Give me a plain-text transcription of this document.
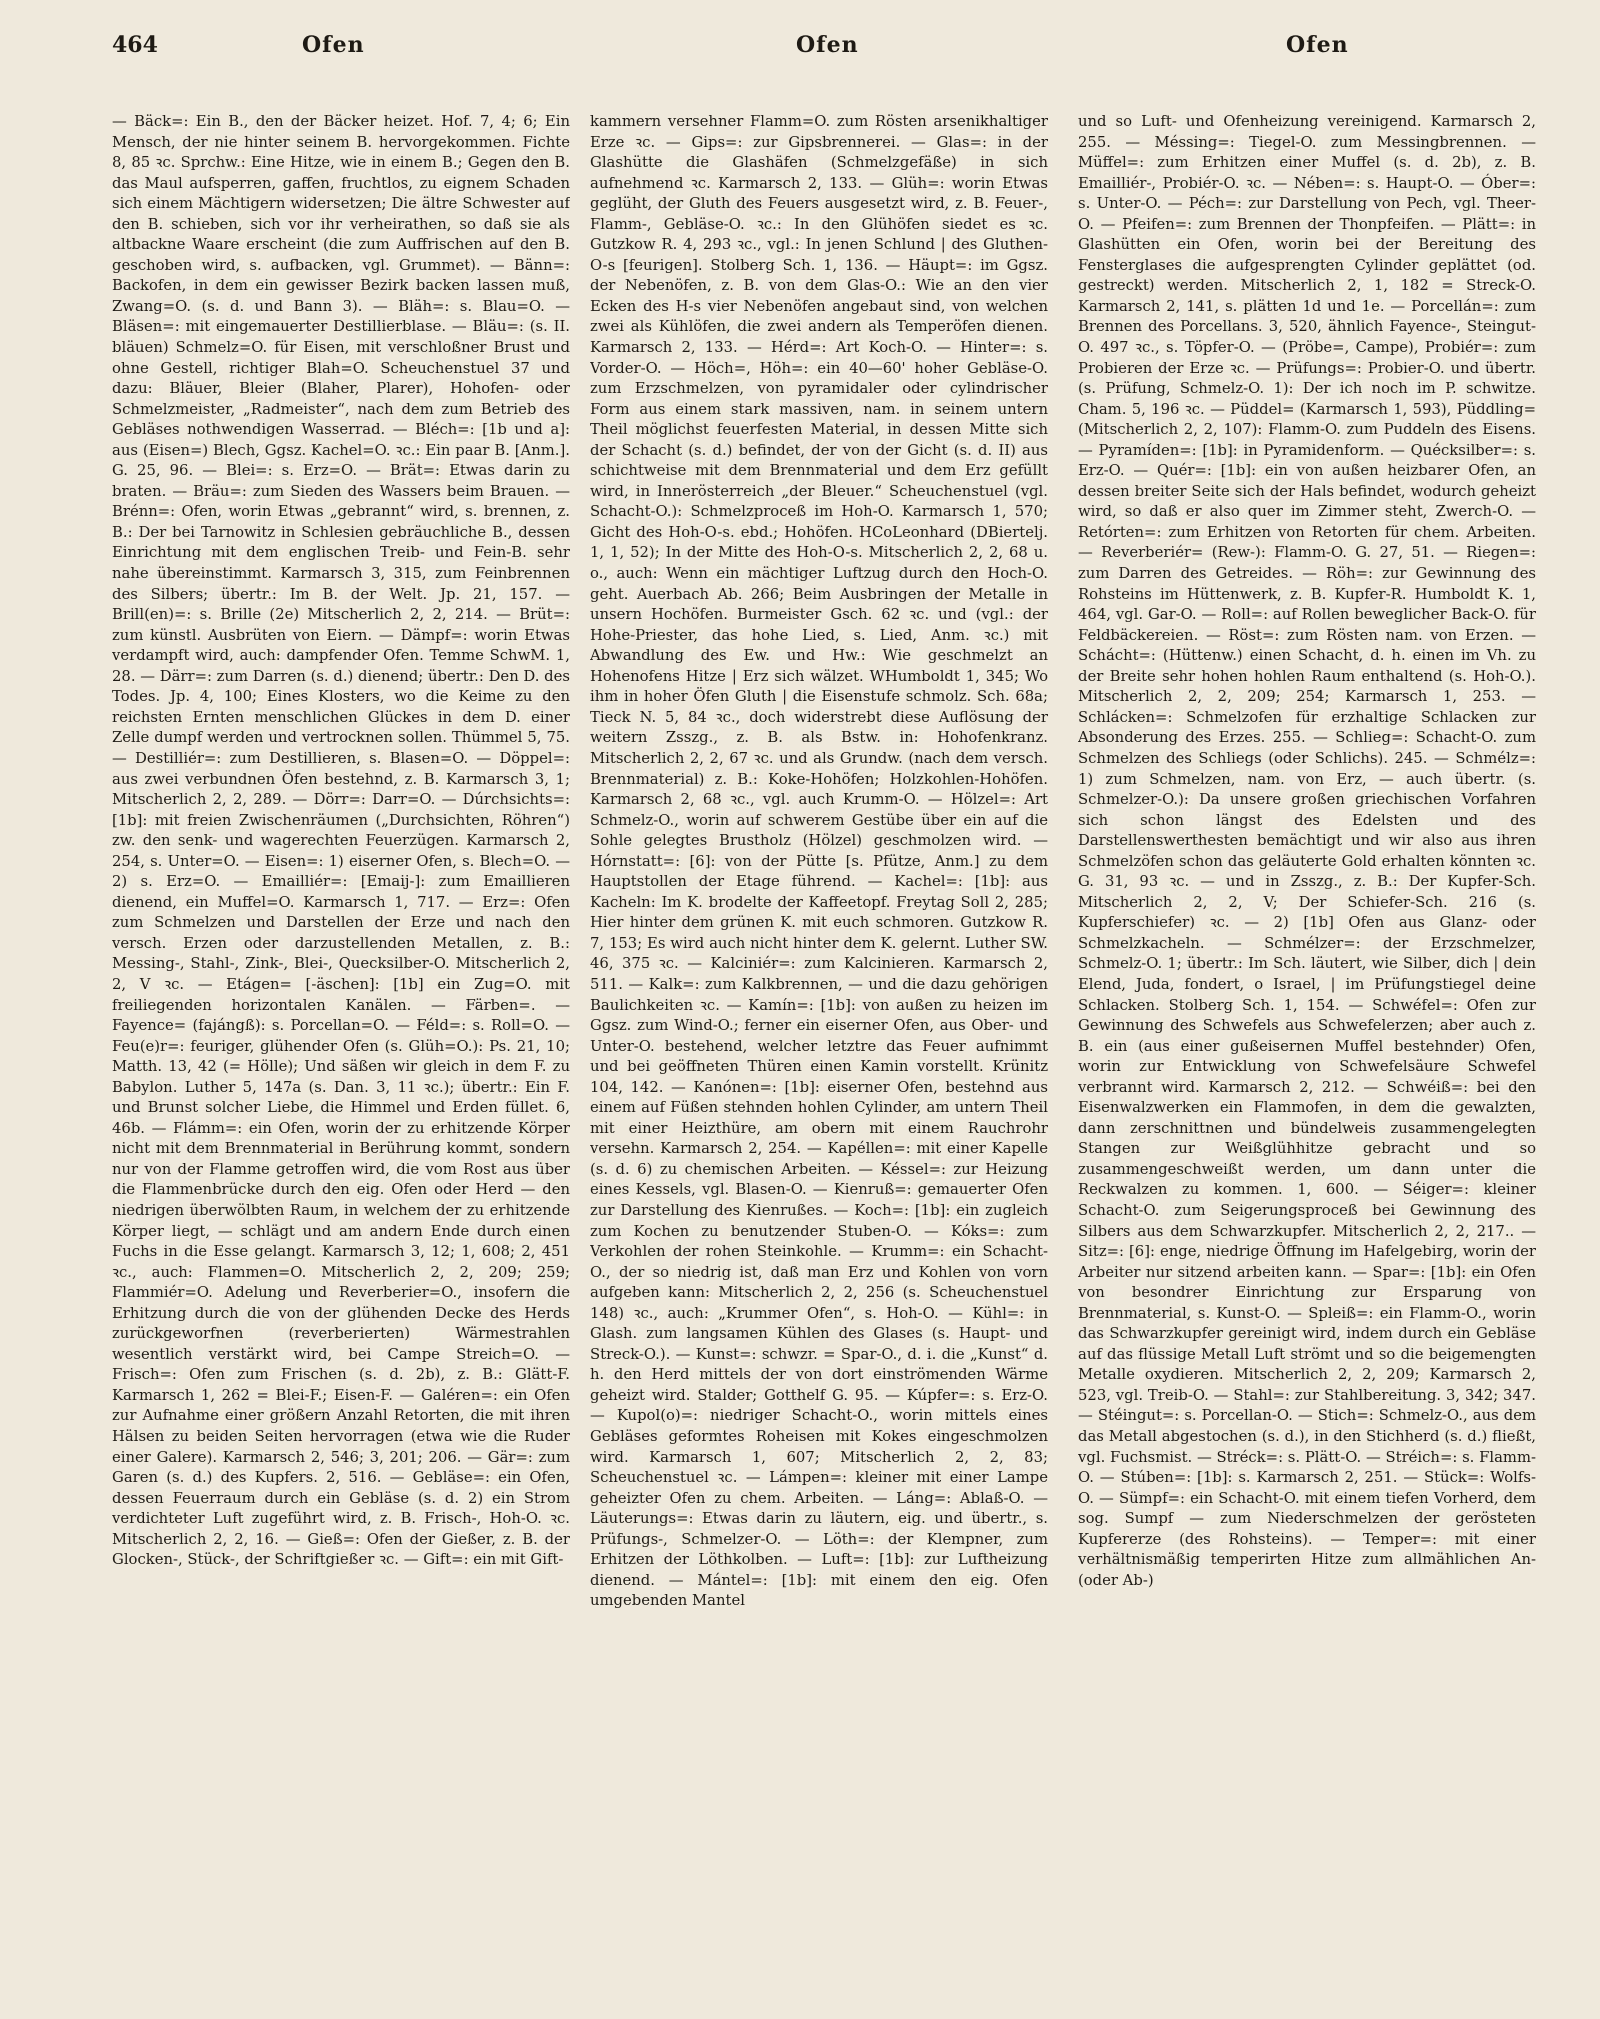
464	Ofen	Ofen	Ofen

— Bäck=: Ein B., den der Bäcker heizet. Hof. 7, 4; 6; Ein Mensch, der nie hinter seinem B. hervorgekommen. Fichte 8, 85 ꝛc. Sprchw.: Eine Hitze, wie in einem B.; Gegen den B. das Maul aufsperren, gaffen, fruchtlos, zu eignem Schaden sich einem Mächtigern widersetzen; Die ältre Schwester auf den B. schieben, sich vor ihr verheirathen, so daß sie als altbackne Waare erscheint (die zum Auffrischen auf den B. geschoben wird, s. aufbacken, vgl. Grummet). — Bänn=: Backofen, in dem ein gewisser Bezirk backen lassen muß, Zwang=O. (s. d. und Bann 3). — Bläh=: s. Blau=O. — Bläsen=: mit eingemauerter Destillierblase. — Bläu=: (s. II. bläuen) Schmelz=O. für Eisen, mit verschloßner Brust und ohne Gestell, richtiger Blah=O. Scheuchenstuel 37 und dazu: Bläuer, Bleier (Blaher, Plarer), Hohofen- oder Schmelzmeister, „Radmeister“, nach dem zum Betrieb des Gebläses nothwendigen Wasserrad. — Bléch=: [1b und a]: aus (Eisen=) Blech, Ggsz. Kachel=O. ꝛc.: Ein paar B. [Anm.]. G. 25, 96. — Blei=: s. Erz=O. — Brät=: Etwas darin zu braten. — Bräu=: zum Sieden des Wassers beim Brauen. — Brénn=: Ofen, worin Etwas „gebrannt“ wird, s. brennen, z. B.: Der bei Tarnowitz in Schlesien gebräuchliche B., dessen Einrichtung mit dem englischen Treib- und Fein-B. sehr nahe übereinstimmt. Karmarsch 3, 315, zum Feinbrennen des Silbers; übertr.: Im B. der Welt. Jp. 21, 157. — Brill(en)=: s. Brille (2e) Mitscherlich 2, 2, 214. — Brüt=: zum künstl. Ausbrüten von Eiern. — Dämpf=: worin Etwas verdampft wird, auch: dampfender Ofen. Temme SchwM. 1, 28. — Därr=: zum Darren (s. d.) dienend; übertr.: Den D. des Todes. Jp. 4, 100; Eines Klosters, wo die Keime zu den reichsten Ernten menschlichen Glückes in dem D. einer Zelle dumpf werden und vertrocknen sollen. Thümmel 5, 75. — Destilliér=: zum Destillieren, s. Blasen=O. — Döppel=: aus zwei verbundnen Öfen bestehnd, z. B. Karmarsch 3, 1; Mitscherlich 2, 2, 289. — Dörr=: Darr=O. — Dúrchsichts=: [1b]: mit freien Zwischenräumen („Durchsichten, Röhren“) zw. den senk- und wagerechten Feuerzügen. Karmarsch 2, 254, s. Unter=O. — Eisen=: 1) eiserner Ofen, s. Blech=O. — 2) s. Erz=O. — Emailliér=: [Emaij-]: zum Emaillieren dienend, ein Muffel=O. Karmarsch 1, 717. — Erz=: Ofen zum Schmelzen und Darstellen der Erze und nach den versch. Erzen oder darzustellenden Metallen, z. B.: Messing-, Stahl-, Zink-, Blei-, Quecksilber-O. Mitscherlich 2, 2, V ꝛc. — Etágen= [-äschen]: [1b] ein Zug=O. mit freiliegenden horizontalen Kanälen. — Färben=. — Fayence= (fajángß): s. Porcellan=O. — Féld=: s. Roll=O. — Feu(e)r=: feuriger, glühender Ofen (s. Glüh=O.): Ps. 21, 10; Matth. 13, 42 (= Hölle); Und säßen wir gleich in dem F. zu Babylon. Luther 5, 147a (s. Dan. 3, 11 ꝛc.); übertr.: Ein F. und Brunst solcher Liebe, die Himmel und Erden füllet. 6, 46b. — Flámm=: ein Ofen, worin der zu erhitzende Körper nicht mit dem Brennmaterial in Berührung kommt, sondern nur von der Flamme getroffen wird, die vom Rost aus über die Flammenbrücke durch den eig. Ofen oder Herd — den niedrigen überwölbten Raum, in welchem der zu erhitzende Körper liegt, — schlägt und am andern Ende durch einen Fuchs in die Esse gelangt. Karmarsch 3, 12; 1, 608; 2, 451 ꝛc., auch: Flammen=O. Mitscherlich 2, 2, 209; 259; Flammiér=O. Adelung und Reverberier=O., insofern die Erhitzung durch die von der glühenden Decke des Herds zurückgeworfnen (reverberierten) Wärmestrahlen wesentlich verstärkt wird, bei Campe Streich=O. — Frisch=: Ofen zum Frischen (s. d. 2b), z. B.: Glätt-F. Karmarsch 1, 262 = Blei-F.; Eisen-F. — Galéren=: ein Ofen zur Aufnahme einer größern Anzahl Retorten, die mit ihren Hälsen zu beiden Seiten hervorragen (etwa wie die Ruder einer Galere). Karmarsch 2, 546; 3, 201; 206. — Gär=: zum Garen (s. d.) des Kupfers. 2, 516. — Gebläse=: ein Ofen, dessen Feuerraum durch ein Gebläse (s. d. 2) ein Strom verdichteter Luft zugeführt wird, z. B. Frisch-, Hoh-O. ꝛc. Mitscherlich 2, 2, 16. — Gieß=: Ofen der Gießer, z. B. der Glocken-, Stück-, der Schriftgießer ꝛc. — Gift=: ein mit Gift-

kammern versehner Flamm=O. zum Rösten arsenikhaltiger Erze ꝛc. — Gips=: zur Gipsbrennerei. — Glas=: in der Glashütte die Glashäfen (Schmelzgefäße) in sich aufnehmend ꝛc. Karmarsch 2, 133. — Glüh=: worin Etwas geglüht, der Gluth des Feuers ausgesetzt wird, z. B. Feuer-, Flamm-, Gebläse-O. ꝛc.: In den Glühöfen siedet es ꝛc. Gutzkow R. 4, 293 ꝛc., vgl.: In jenen Schlund | des Gluthen-O-s [feurigen]. Stolberg Sch. 1, 136. — Häupt=: im Ggsz. der Nebenöfen, z. B. von dem Glas-O.: Wie an den vier Ecken des H-s vier Nebenöfen angebaut sind, von welchen zwei als Kühlöfen, die zwei andern als Temperöfen dienen. Karmarsch 2, 133. — Hérd=: Art Koch-O. — Hinter=: s. Vorder-O. — Höch=, Höh=: ein 40—60' hoher Gebläse-O. zum Erzschmelzen, von pyramidaler oder cylindrischer Form aus einem stark massiven, nam. in seinem untern Theil möglichst feuerfesten Material, in dessen Mitte sich der Schacht (s. d.) befindet, der von der Gicht (s. d. II) aus schichtweise mit dem Brennmaterial und dem Erz gefüllt wird, in Innerösterreich „der Bleuer.“ Scheuchenstuel (vgl. Schacht-O.): Schmelzproceß im Hoh-O. Karmarsch 1, 570; Gicht des Hoh-O-s. ebd.; Hohöfen. HCoLeonhard (DBiertelj. 1, 1, 52); In der Mitte des Hoh-O-s. Mitscherlich 2, 2, 68 u. o., auch: Wenn ein mächtiger Luftzug durch den Hoch-O. geht. Auerbach Ab. 266; Beim Ausbringen der Metalle in unsern Hochöfen. Burmeister Gsch. 62 ꝛc. und (vgl.: der Hohe-Priester, das hohe Lied, s. Lied, Anm. ꝛc.) mit Abwandlung des Ew. und Hw.: Wie geschmelzt an Hohenofens Hitze | Erz sich wälzet. WHumboldt 1, 345; Wo ihm in hoher Öfen Gluth | die Eisenstufe schmolz. Sch. 68a; Tieck N. 5, 84 ꝛc., doch widerstrebt diese Auflösung der weitern Zsszg., z. B. als Bstw. in: Hohofenkranz. Mitscherlich 2, 2, 67 ꝛc. und als Grundw. (nach dem versch. Brennmaterial) z. B.: Koke-Hohöfen; Holzkohlen-Hohöfen. Karmarsch 2, 68 ꝛc., vgl. auch Krumm-O. — Hölzel=: Art Schmelz-O., worin auf schwerem Gestübe über ein auf die Sohle gelegtes Brustholz (Hölzel) geschmolzen wird. — Hórnstatt=: [6]: von der Pütte [s. Pfütze, Anm.] zu dem Hauptstollen der Etage führend. — Kachel=: [1b]: aus Kacheln: Im K. brodelte der Kaffeetopf. Freytag Soll 2, 285; Hier hinter dem grünen K. mit euch schmoren. Gutzkow R. 7, 153; Es wird auch nicht hinter dem K. gelernt. Luther SW. 46, 375 ꝛc. — Kalciniér=: zum Kalcinieren. Karmarsch 2, 511. — Kalk=: zum Kalkbrennen, — und die dazu gehörigen Baulichkeiten ꝛc. — Kamín=: [1b]: von außen zu heizen im Ggsz. zum Wind-O.; ferner ein eiserner Ofen, aus Ober- und Unter-O. bestehend, welcher letztre das Feuer aufnimmt und bei geöffneten Thüren einen Kamin vorstellt. Krünitz 104, 142. — Kanónen=: [1b]: eiserner Ofen, bestehnd aus einem auf Füßen stehnden hohlen Cylinder, am untern Theil mit einer Heizthüre, am obern mit einem Rauchrohr versehn. Karmarsch 2, 254. — Kapéllen=: mit einer Kapelle (s. d. 6) zu chemischen Arbeiten. — Késsel=: zur Heizung eines Kessels, vgl. Blasen-O. — Kienruß=: gemauerter Ofen zur Darstellung des Kienrußes. — Koch=: [1b]: ein zugleich zum Kochen zu benutzender Stuben-O. — Kóks=: zum Verkohlen der rohen Steinkohle. — Krumm=: ein Schacht-O., der so niedrig ist, daß man Erz und Kohlen von vorn aufgeben kann: Mitscherlich 2, 2, 256 (s. Scheuchenstuel 148) ꝛc., auch: „Krummer Ofen“, s. Hoh-O. — Kühl=: in Glash. zum langsamen Kühlen des Glases (s. Haupt- und Streck-O.). — Kunst=: schwzr. = Spar-O., d. i. die „Kunst“ d. h. den Herd mittels der von dort einströmenden Wärme geheizt wird. Stalder; Gotthelf G. 95. — Kúpfer=: s. Erz-O. — Kupol(o)=: niedriger Schacht-O., worin mittels eines Gebläses geformtes Roheisen mit Kokes eingeschmolzen wird. Karmarsch 1, 607; Mitscherlich 2, 2, 83; Scheuchenstuel ꝛc. — Lámpen=: kleiner mit einer Lampe geheizter Ofen zu chem. Arbeiten. — Láng=: Ablaß-O. — Läuterungs=: Etwas darin zu läutern, eig. und übertr., s. Prüfungs-, Schmelzer-O. — Löth=: der Klempner, zum Erhitzen der Löthkolben. — Luft=: [1b]: zur Luftheizung dienend. — Mántel=: [1b]: mit einem den eig. Ofen umgebenden Mantel

und so Luft- und Ofenheizung vereinigend. Karmarsch 2, 255. — Méssing=: Tiegel-O. zum Messingbrennen. — Müffel=: zum Erhitzen einer Muffel (s. d. 2b), z. B. Emailliér-, Probiér-O. ꝛc. — Nében=: s. Haupt-O. — Óber=: s. Unter-O. — Péch=: zur Darstellung von Pech, vgl. Theer-O. — Pfeifen=: zum Brennen der Thonpfeifen. — Plätt=: in Glashütten ein Ofen, worin bei der Bereitung des Fensterglases die aufgesprengten Cylinder geplättet (od. gestreckt) werden. Mitscherlich 2, 1, 182 = Streck-O. Karmarsch 2, 141, s. plätten 1d und 1e. — Porcellán=: zum Brennen des Porcellans. 3, 520, ähnlich Fayence-, Steingut-O. 497 ꝛc., s. Töpfer-O. — (Pröbe=, Campe), Probiér=: zum Probieren der Erze ꝛc. — Prüfungs=: Probier-O. und übertr. (s. Prüfung, Schmelz-O. 1): Der ich noch im P. schwitze. Cham. 5, 196 ꝛc. — Püddel= (Karmarsch 1, 593), Püddling= (Mitscherlich 2, 2, 107): Flamm-O. zum Puddeln des Eisens. — Pyramíden=: [1b]: in Pyramidenform. — Quécksilber=: s. Erz-O. — Quér=: [1b]: ein von außen heizbarer Ofen, an dessen breiter Seite sich der Hals befindet, wodurch geheizt wird, so daß er also quer im Zimmer steht, Zwerch-O. — Retórten=: zum Erhitzen von Retorten für chem. Arbeiten. — Reverberiér= (Rew-): Flamm-O. G. 27, 51. — Riegen=: zum Darren des Getreides. — Röh=: zur Gewinnung des Rohsteins im Hüttenwerk, z. B. Kupfer-R. Humboldt K. 1, 464, vgl. Gar-O. — Roll=: auf Rollen beweglicher Back-O. für Feldbäckereien. — Röst=: zum Rösten nam. von Erzen. — Schácht=: (Hüttenw.) einen Schacht, d. h. einen im Vh. zu der Breite sehr hohen hohlen Raum enthaltend (s. Hoh-O.). Mitscherlich 2, 2, 209; 254; Karmarsch 1, 253. — Schlácken=: Schmelzofen für erzhaltige Schlacken zur Absonderung des Erzes. 255. — Schlieg=: Schacht-O. zum Schmelzen des Schliegs (oder Schlichs). 245. — Schmélz=: 1) zum Schmelzen, nam. von Erz, — auch übertr. (s. Schmelzer-O.): Da unsere großen griechischen Vorfahren sich schon längst des Edelsten und des Darstellenswerthesten bemächtigt und wir also aus ihren Schmelzöfen schon das geläuterte Gold erhalten könnten ꝛc. G. 31, 93 ꝛc. — und in Zsszg., z. B.: Der Kupfer-Sch. Mitscherlich 2, 2, V; Der Schiefer-Sch. 216 (s. Kupferschiefer) ꝛc. — 2) [1b] Ofen aus Glanz- oder Schmelzkacheln. — Schmélzer=: der Erzschmelzer, Schmelz-O. 1; übertr.: Im Sch. läutert, wie Silber, dich | dein Elend, Juda, fondert, o Israel, | im Prüfungstiegel deine Schlacken. Stolberg Sch. 1, 154. — Schwéfel=: Ofen zur Gewinnung des Schwefels aus Schwefelerzen; aber auch z. B. ein (aus einer gußeisernen Muffel bestehnder) Ofen, worin zur Entwicklung von Schwefelsäure Schwefel verbrannt wird. Karmarsch 2, 212. — Schwéiß=: bei den Eisenwalzwerken ein Flammofen, in dem die gewalzten, dann zerschnittnen und bündelweis zusammengelegten Stangen zur Weißglühhitze gebracht und so zusammengeschweißt werden, um dann unter die Reckwalzen zu kommen. 1, 600. — Séiger=: kleiner Schacht-O. zum Seigerungsproceß bei Gewinnung des Silbers aus dem Schwarzkupfer. Mitscherlich 2, 2, 217.. — Sitz=: [6]: enge, niedrige Öffnung im Hafelgebirg, worin der Arbeiter nur sitzend arbeiten kann. — Spar=: [1b]: ein Ofen von besondrer Einrichtung zur Ersparung von Brennmaterial, s. Kunst-O. — Spleiß=: ein Flamm-O., worin das Schwarzkupfer gereinigt wird, indem durch ein Gebläse auf das flüssige Metall Luft strömt und so die beigemengten Metalle oxydieren. Mitscherlich 2, 2, 209; Karmarsch 2, 523, vgl. Treib-O. — Stahl=: zur Stahlbereitung. 3, 342; 347. — Stéingut=: s. Porcellan-O. — Stich=: Schmelz-O., aus dem das Metall abgestochen (s. d.), in den Stichherd (s. d.) fließt, vgl. Fuchsmist. — Stréck=: s. Plätt-O. — Stréich=: s. Flamm-O. — Stúben=: [1b]: s. Karmarsch 2, 251. — Stück=: Wolfs-O. — Sümpf=: ein Schacht-O. mit einem tiefen Vorherd, dem sog. Sumpf — zum Niederschmelzen der gerösteten Kupfererze (des Rohsteins). — Temper=: mit einer verhältnismäßig temperirten Hitze zum allmählichen An- (oder Ab-)
